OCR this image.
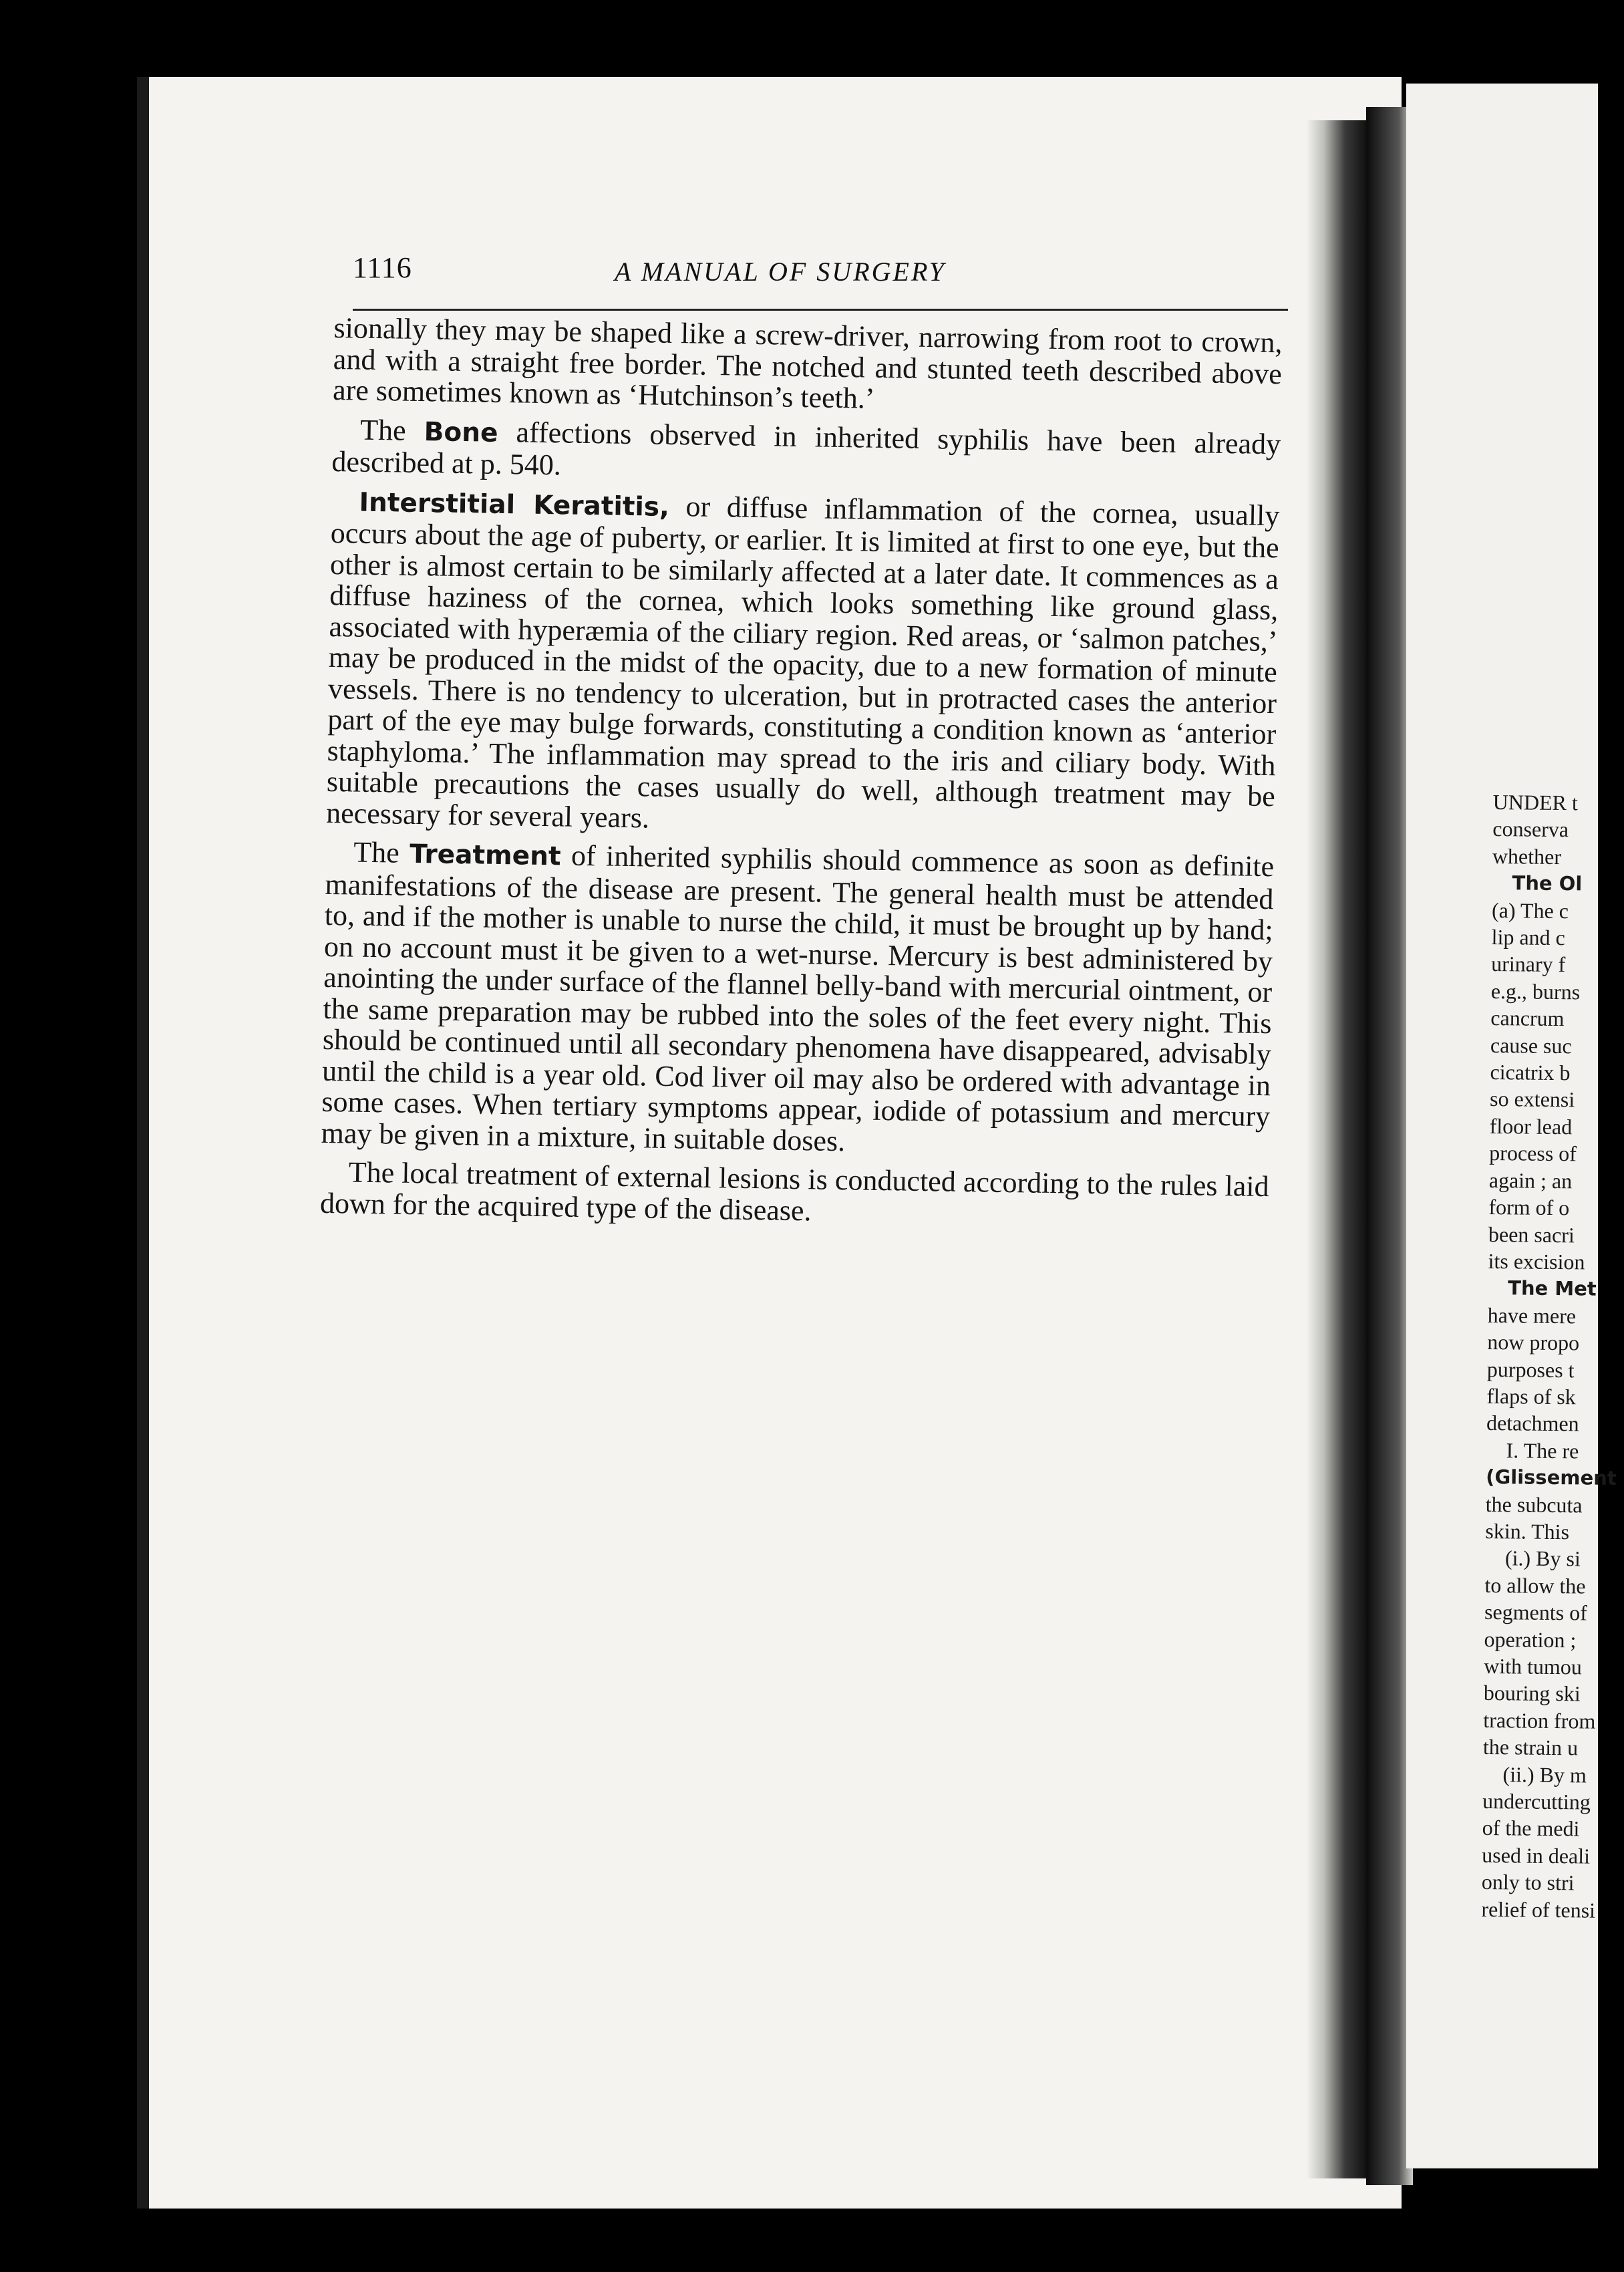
1116	A MANUAL OF SURGERY

sionally they may be shaped like a screw-driver, narrowing from root to crown, and with a straight free border. The notched and stunted teeth described above are sometimes known as ‘Hutchinson’s teeth.’

The Bone affections observed in inherited syphilis have been already described at p. 540.

Interstitial Keratitis, or diffuse inflammation of the cornea, usually occurs about the age of puberty, or earlier. It is limited at first to one eye, but the other is almost certain to be similarly affected at a later date. It commences as a diffuse haziness of the cornea, which looks something like ground glass, associated with hyperæmia of the ciliary region. Red areas, or ‘salmon patches,’ may be produced in the midst of the opacity, due to a new formation of minute vessels. There is no tendency to ulceration, but in protracted cases the anterior part of the eye may bulge forwards, constituting a condition known as ‘anterior staphyloma.’ The inflammation may spread to the iris and ciliary body. With suitable precautions the cases usually do well, although treatment may be necessary for several years.

The Treatment of inherited syphilis should commence as soon as definite manifestations of the disease are present. The general health must be attended to, and if the mother is unable to nurse the child, it must be brought up by hand; on no account must it be given to a wet-nurse. Mercury is best administered by anointing the under surface of the flannel belly-band with mercurial ointment, or the same preparation may be rubbed into the soles of the feet every night. This should be continued until all secondary phenomena have disappeared, advisably until the child is a year old. Cod liver oil may also be ordered with advantage in some cases. When tertiary symptoms appear, iodide of potassium and mercury may be given in a mixture, in suitable doses.

The local treatment of external lesions is conducted according to the rules laid down for the acquired type of the disease.

UNDER t
conserva
whether
The Ol
(a) The c
lip and c
urinary f
e.g., burns
cancrum
cause suc
cicatrix b
so extensi
floor lead
process of
again ; an
form of o
been sacri
its excision
The Met
have mere
now propo
purposes t
flaps of sk
detachmen
I. The re
(Glissement
the subcuta
skin. This
(i.) By si
to allow the
segments of
operation ;
with tumou
bouring ski
traction from
the strain u
(ii.) By m
undercutting
of the medi
used in deali
only to stri
relief of tensi
